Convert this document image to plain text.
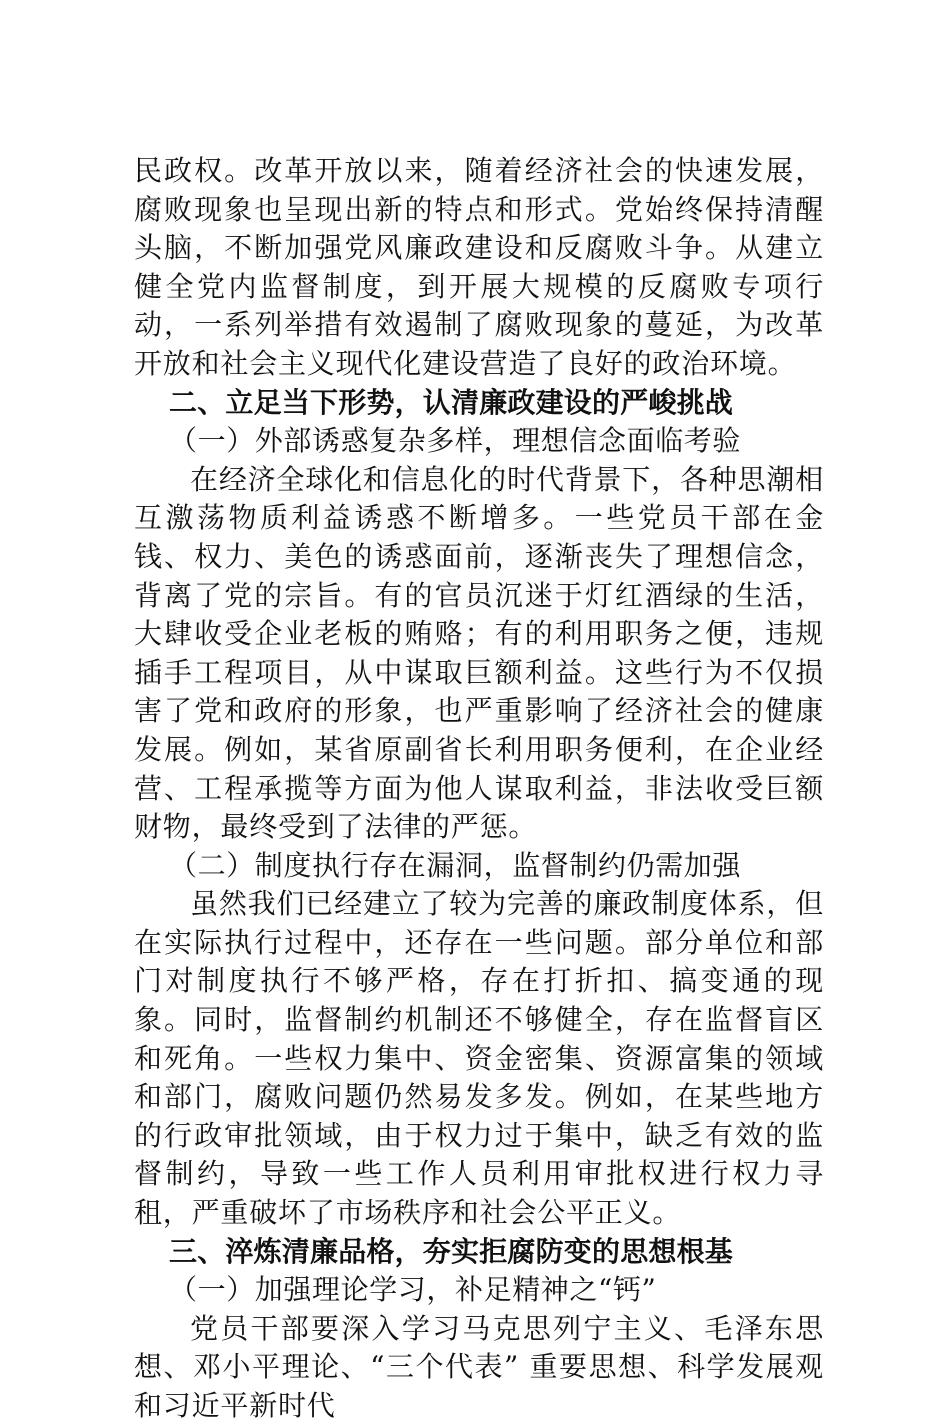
民政权。改革开放以来，随着经济社会的快速发展，腐败现象也呈现出新的特点和形式。党始终保持清醒头脑，不断加强党风廉政建设和反腐败斗争。从建立健全党内监督制度，到开展大规模的反腐败专项行动，一系列举措有效遏制了腐败现象的蔓延，为改革开放和社会主义现代化建设营造了良好的政治环境。

二、立足当下形势，认清廉政建设的严峻挑战

（一）外部诱惑复杂多样，理想信念面临考验

在经济全球化和信息化的时代背景下，各种思潮相互激荡物质利益诱惑不断增多。一些党员干部在金钱、权力、美色的诱惑面前，逐渐丧失了理想信念，背离了党的宗旨。有的官员沉迷于灯红酒绿的生活，大肆收受企业老板的贿赂；有的利用职务之便，违规插手工程项目，从中谋取巨额利益。这些行为不仅损害了党和政府的形象，也严重影响了经济社会的健康发展。例如，某省原副省长利用职务便利，在企业经营、工程承揽等方面为他人谋取利益，非法收受巨额财物，最终受到了法律的严惩。

（二）制度执行存在漏洞，监督制约仍需加强

虽然我们已经建立了较为完善的廉政制度体系，但在实际执行过程中，还存在一些问题。部分单位和部门对制度执行不够严格，存在打折扣、搞变通的现象。同时，监督制约机制还不够健全，存在监督盲区和死角。一些权力集中、资金密集、资源富集的领域和部门，腐败问题仍然易发多发。例如，在某些地方的行政审批领域，由于权力过于集中，缺乏有效的监督制约，导致一些工作人员利用审批权进行权力寻租，严重破坏了市场秩序和社会公平正义。

三、淬炼清廉品格，夯实拒腐防变的思想根基

（一）加强理论学习，补足精神之“钙”

党员干部要深入学习马克思列宁主义、毛泽东思想、邓小平理论、“三个代表” 重要思想、科学发展观和习近平新时代
